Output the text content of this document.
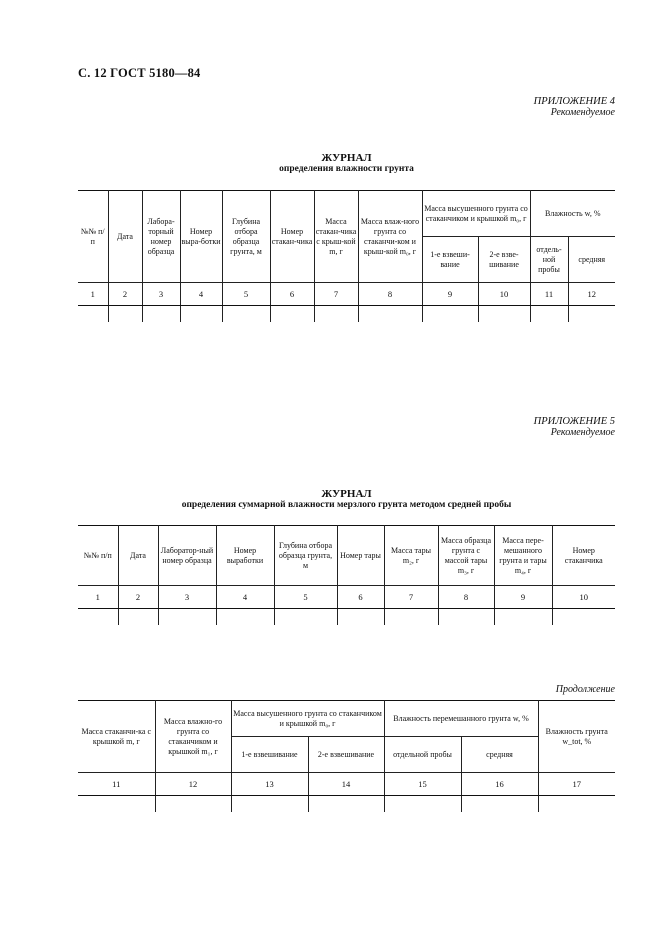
С. 12 ГОСТ 5180—84
ПРИЛОЖЕНИЕ 4
Рекомендуемое
ЖУРНАЛ
определения влажности грунта
№№ п/п	Дата	Лабора-торный номер образца	Номер выра-ботки	Глубина отбора образца грунта, м	Номер стакан-чика	Масса стакан-чика с крыш-кой m, г	Масса влаж-ного грунта со стаканчи-ком и крыш-кой m₀, г	Масса высушенного грунта со стаканчиком и крышкой m₀, г		Влажность w, %	
								1-е взвеши-вание	2-е взве-шивание	отдель-ной пробы	средняя
1	2	3	4	5	6	7	8	9	10	11	12

ПРИЛОЖЕНИЕ 5
Рекомендуемое
ЖУРНАЛ
определения суммарной влажности мерзлого грунта методом средней пробы
№№ п/п	Дата	Лаборатор-ный номер образца	Номер выработки	Глубина отбора образца грунта, м	Номер тары	Масса тары m₂, г	Масса образца грунта с массой тары m₃, г	Масса пере-мешанного грунта и тары m₄, г	Номер стаканчика
1	2	3	4	5	6	7	8	9	10

Продолжение
Масса стаканчи-ка с крышкой m, г	Масса влажно-го грунта со стаканчиком и крышкой m₁, г	Масса высушенного грунта со стаканчиком и крышкой m₀, г		Влажность перемешанного грунта w, %		Влажность грунта w_tot, %
		1-е взвешивание	2-е взвешивание	отдельной пробы	средняя	
11	12	13	14	15	16	17
